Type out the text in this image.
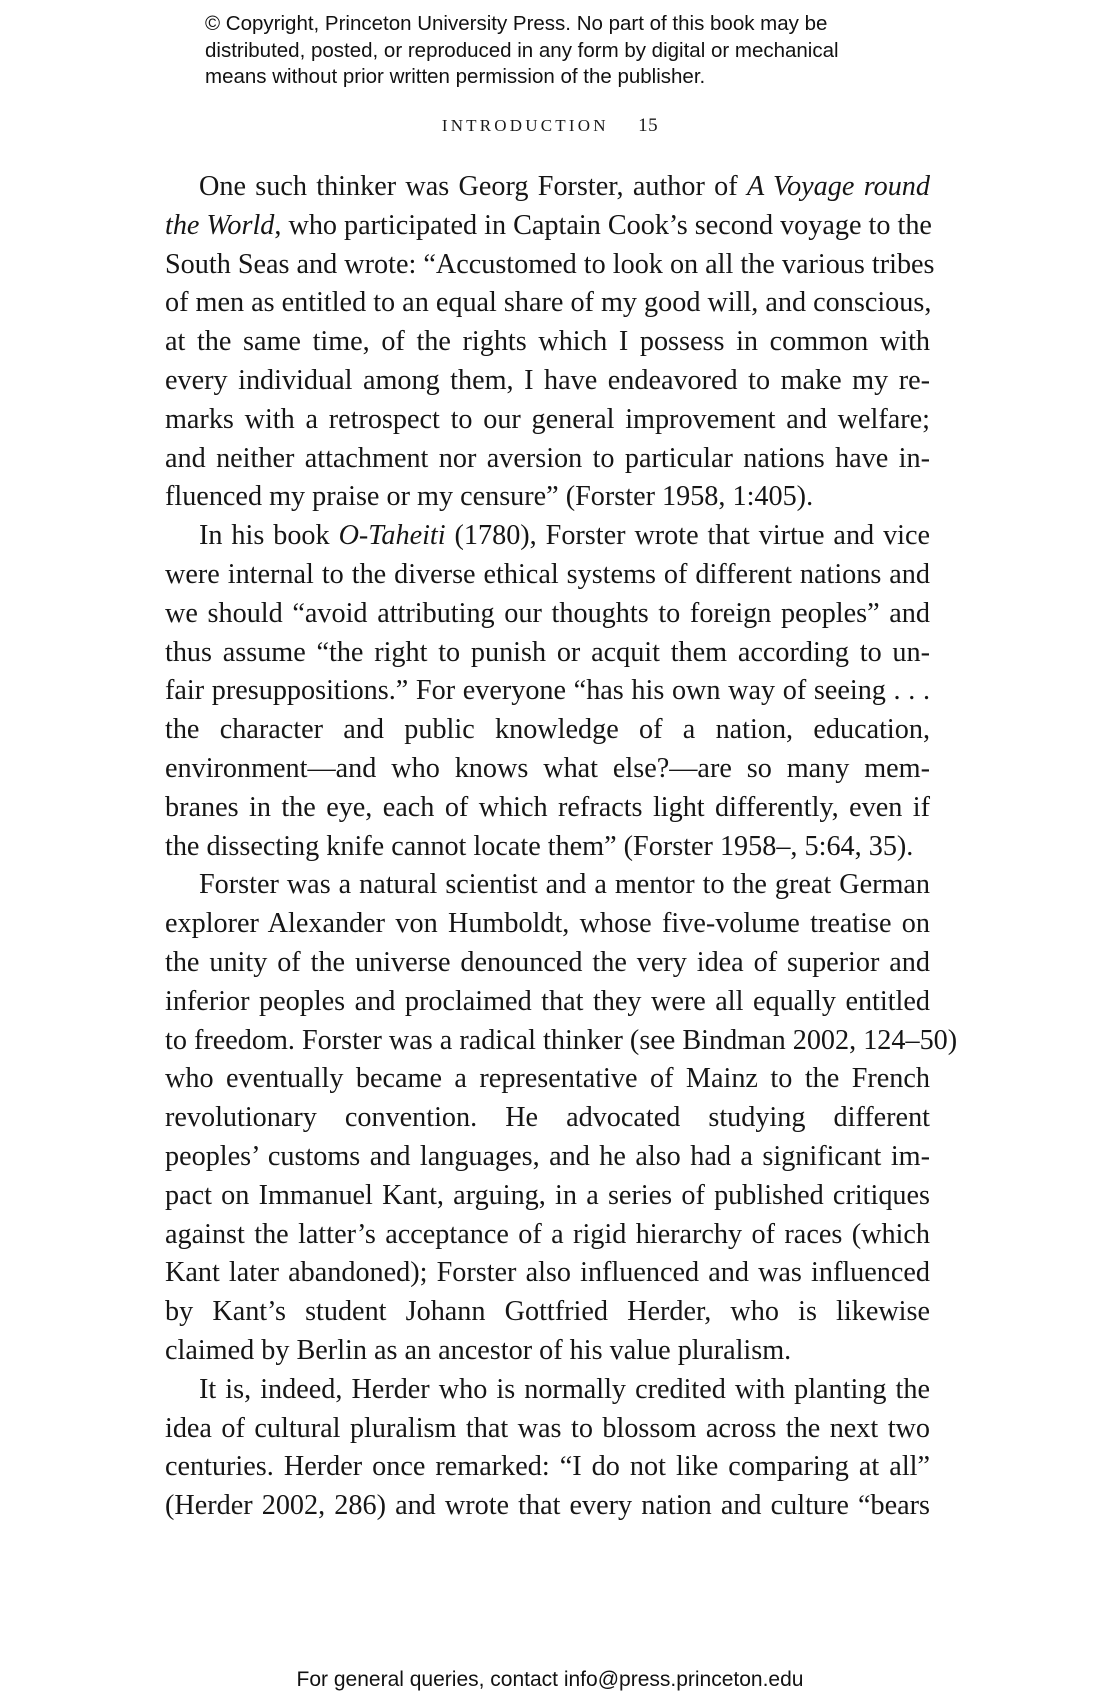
© Copyright, Princeton University Press. No part of this book may be
distributed, posted, or reproduced in any form by digital or mechanical
means without prior written permission of the publisher.
INTRODUCTION 15
One such thinker was Georg Forster, author of A Voyage round
the World, who participated in Captain Cook’s second voyage to the
South Seas and wrote: “Accustomed to look on all the various tribes
of men as entitled to an equal share of my good will, and conscious,
at the same time, of the rights which I possess in common with
every individual among them, I have endeavored to make my re-
marks with a retrospect to our general improvement and welfare;
and neither attachment nor aversion to particular nations have in-
fluenced my praise or my censure” (Forster 1958, 1:405).
In his book O-Taheiti (1780), Forster wrote that virtue and vice
were internal to the diverse ethical systems of different nations and
we should “avoid attributing our thoughts to foreign peoples” and
thus assume “the right to punish or acquit them according to un-
fair presuppositions.” For everyone “has his own way of seeing . . .
the character and public knowledge of a nation, education,
environment—and who knows what else?—are so many mem-
branes in the eye, each of which refracts light differently, even if
the dissecting knife cannot locate them” (Forster 1958–, 5:64, 35).
Forster was a natural scientist and a mentor to the great German
explorer Alexander von Humboldt, whose five-volume treatise on
the unity of the universe denounced the very idea of superior and
inferior peoples and proclaimed that they were all equally entitled
to freedom. Forster was a radical thinker (see Bindman 2002, 124–50)
who eventually became a representative of Mainz to the French
revolutionary convention. He advocated studying different
peoples’ customs and languages, and he also had a significant im-
pact on Immanuel Kant, arguing, in a series of published critiques
against the latter’s acceptance of a rigid hierarchy of races (which
Kant later abandoned); Forster also influenced and was influenced
by Kant’s student Johann Gottfried Herder, who is likewise
claimed by Berlin as an ancestor of his value pluralism.
It is, indeed, Herder who is normally credited with planting the
idea of cultural pluralism that was to blossom across the next two
centuries. Herder once remarked: “I do not like comparing at all”
(Herder 2002, 286) and wrote that every nation and culture “bears
For general queries, contact info@press.princeton.edu
